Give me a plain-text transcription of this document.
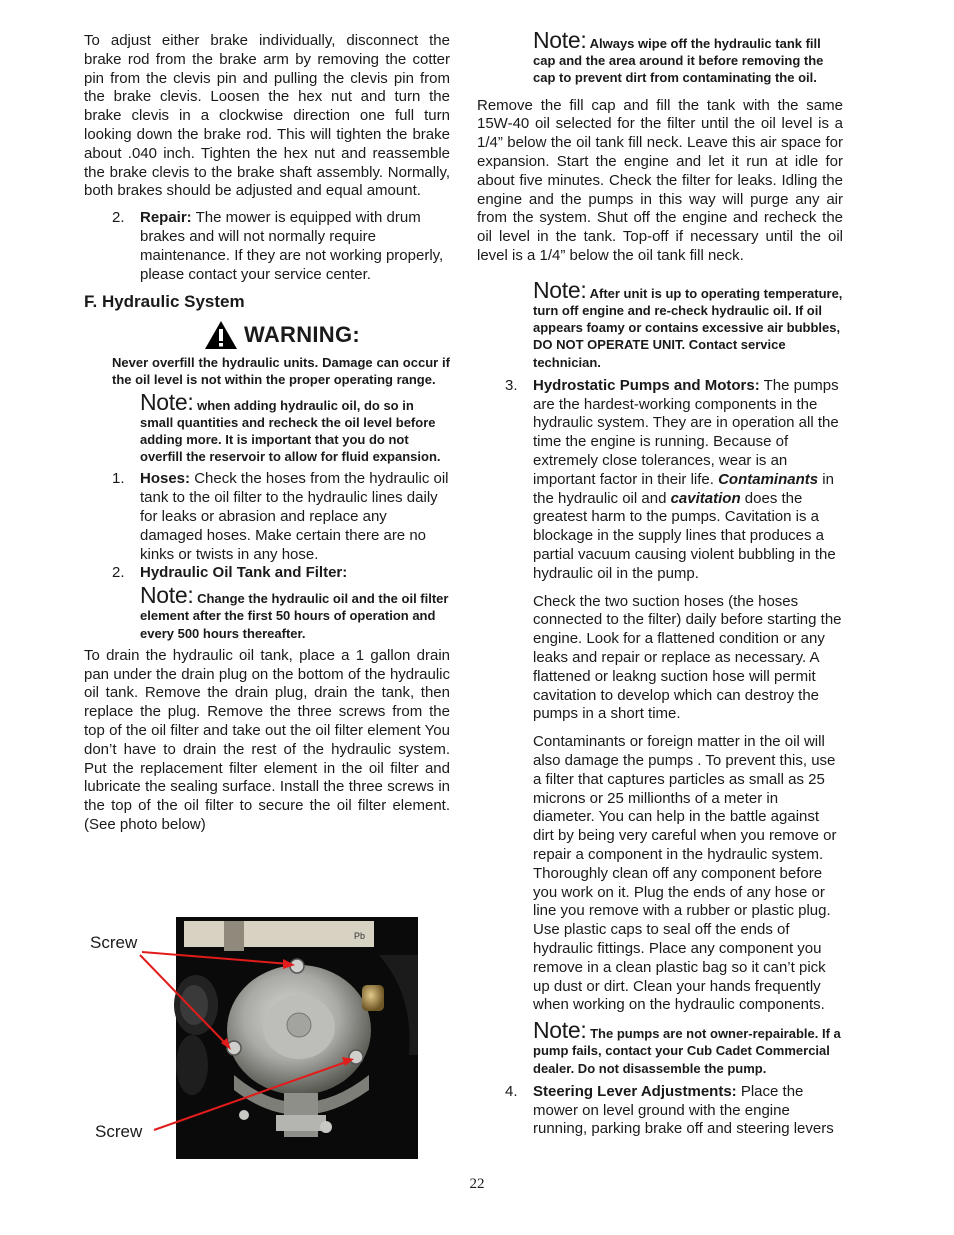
To adjust either brake individually, disconnect the brake rod from the brake arm by removing the cotter pin from the clevis pin and pulling the clevis pin from the brake clevis. Loosen the hex nut and turn the brake clevis in a clockwise direction one full turn looking down the brake rod. This will tighten the brake about .040 inch. Tighten the hex nut and reassemble the brake clevis to the brake shaft assembly. Normally, both brakes should be adjusted and equal amount.

2. Repair: The mower is equipped with drum brakes and will not normally require maintenance. If they are not working properly, please contact your service center.

F. Hydraulic System

WARNING:
Never overfill the hydraulic units. Damage can occur if the oil level is not within the proper operating range.
Note: when adding hydraulic oil, do so in small quantities and recheck the oil level before adding more. It is important that you do not overfill the reservoir to allow for fluid expansion.
1. Hoses: Check the hoses from the hydraulic oil tank to the oil filter to the hydraulic lines daily for leaks or abrasion and replace any damaged hoses. Make certain there are no kinks or twists in any hose.
2. Hydraulic Oil Tank and Filter:
Note: Change the hydraulic oil and the oil filter element after the first 50 hours of operation and every 500 hours thereafter.

To drain the hydraulic oil tank, place a 1 gallon drain pan under the drain plug on the bottom of the hydraulic oil tank. Remove the drain plug, drain the tank, then replace the plug. Remove the three screws from the top of the oil filter and take out the oil filter element You don’t have to drain the rest of the hydraulic system. Put the replacement filter element in the oil filter and lubricate the sealing surface. Install the three screws in the top of the oil filter to secure the oil filter element. (See photo below)

Screw
Screw
Pb
Note: Always wipe off the hydraulic tank fill cap and the area around it before removing the cap to prevent dirt from contaminating the oil.

Remove the fill cap and fill the tank with the same 15W-40 oil selected for the filter until the oil level is a 1/4” below the oil tank fill neck. Leave this air space for expansion. Start the engine and let it run at idle for about five minutes. Check the filter for leaks. Idling the engine and the pumps in this way will purge any air from the system. Shut off the engine and recheck the oil level in the tank. Top-off if necessary until the oil level is a 1/4” below the oil tank fill neck.

Note: After unit is up to operating temperature, turn off engine and re-check hydraulic oil. If oil appears foamy or contains excessive air bubbles, DO NOT OPERATE UNIT. Contact service technician.
3. Hydrostatic Pumps and Motors: The pumps are the hardest-working components in the hydraulic system. They are in operation all the time the engine is running. Because of extremely close tolerances, wear is an important factor in their life. Contaminants in the hydraulic oil and cavitation does the greatest harm to the pumps. Cavitation is a blockage in the supply lines that produces a partial vacuum causing violent bubbling in the hydraulic oil in the pump.

Check the two suction hoses (the hoses connected to the filter) daily before starting the engine. Look for a flattened condition or any leaks and repair or replace as necessary. A flattened or leakng suction hose will permit cavitation to develop which can destroy the pumps in a short time.

Contaminants or foreign matter in the oil will also damage the pumps . To prevent this, use a filter that captures particles as small as 25 microns or 25 millionths of a meter in diameter. You can help in the battle against dirt by being very careful when you remove or repair a component in the hydraulic system. Thoroughly clean off any component before you work on it. Plug the ends of any hose or line you remove with a rubber or plastic plug. Use plastic caps to seal off the ends of hydraulic fittings. Place any component you remove in a clean plastic bag so it can’t pick up dust or dirt. Clean your hands frequently when working on the hydraulic components.

Note: The pumps are not owner-repairable. If a pump fails, contact your Cub Cadet Commercial dealer. Do not disassemble the pump.
4. Steering Lever Adjustments: Place the mower on level ground with the engine running, parking brake off and steering levers
22
